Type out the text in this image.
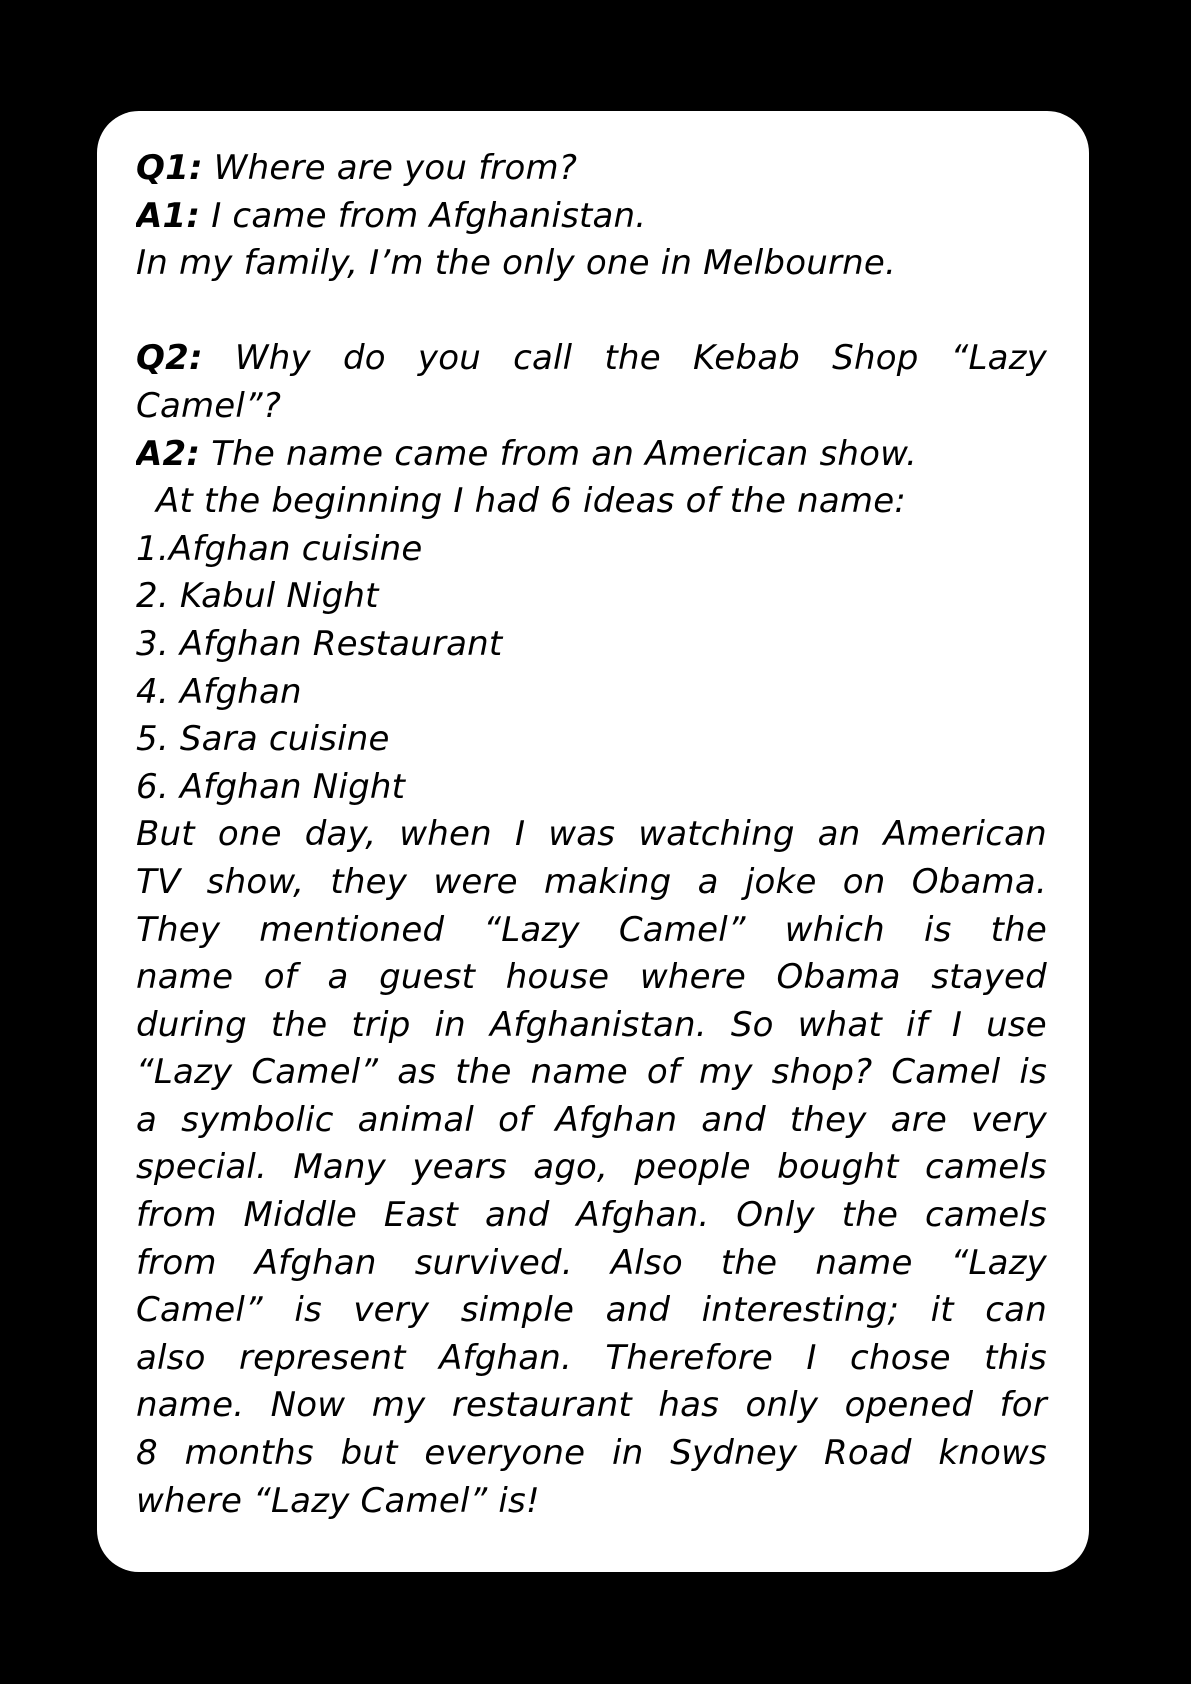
Q1: Where are you from?
A1: I came from Afghanistan.
In my family, I’m the only one in Melbourne.
Q2: Why do you call the Kebab Shop “Lazy
Camel”?
A2: The name came from an American show.
At the beginning I had 6 ideas of the name:
1.Afghan cuisine
2. Kabul Night
3. Afghan Restaurant
4. Afghan
5. Sara cuisine
6. Afghan Night
But one day, when I was watching an American
TV show, they were making a joke on Obama.
They mentioned “Lazy Camel” which is the
name of a guest house where Obama stayed
during the trip in Afghanistan. So what if I use
“Lazy Camel” as the name of my shop? Camel is
a symbolic animal of Afghan and they are very
special. Many years ago, people bought camels
from Middle East and Afghan. Only the camels
from Afghan survived. Also the name “Lazy
Camel” is very simple and interesting; it can
also represent Afghan. Therefore I chose this
name. Now my restaurant has only opened for
8 months but everyone in Sydney Road knows
where “Lazy Camel” is!
